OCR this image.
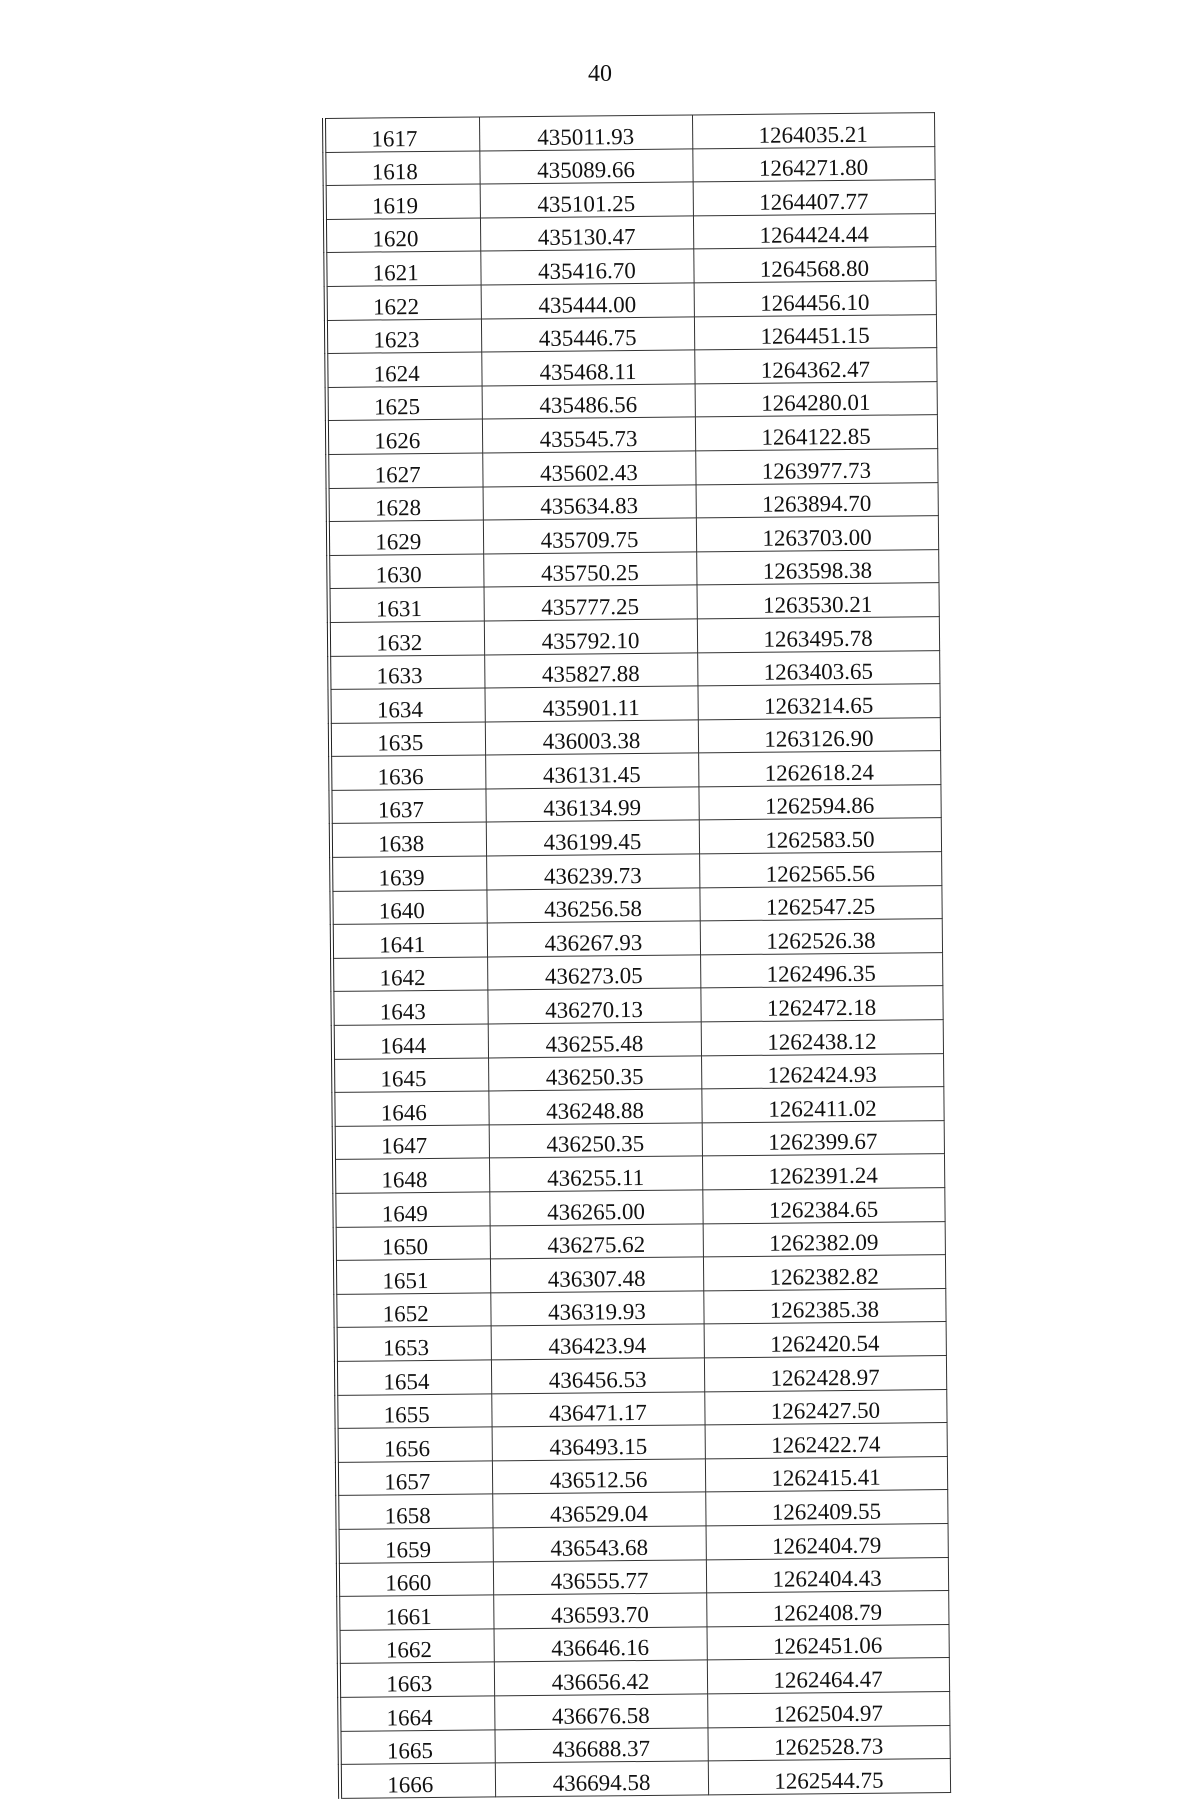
40
1617	435011.93	1264035.21
1618	435089.66	1264271.80
1619	435101.25	1264407.77
1620	435130.47	1264424.44
1621	435416.70	1264568.80
1622	435444.00	1264456.10
1623	435446.75	1264451.15
1624	435468.11	1264362.47
1625	435486.56	1264280.01
1626	435545.73	1264122.85
1627	435602.43	1263977.73
1628	435634.83	1263894.70
1629	435709.75	1263703.00
1630	435750.25	1263598.38
1631	435777.25	1263530.21
1632	435792.10	1263495.78
1633	435827.88	1263403.65
1634	435901.11	1263214.65
1635	436003.38	1263126.90
1636	436131.45	1262618.24
1637	436134.99	1262594.86
1638	436199.45	1262583.50
1639	436239.73	1262565.56
1640	436256.58	1262547.25
1641	436267.93	1262526.38
1642	436273.05	1262496.35
1643	436270.13	1262472.18
1644	436255.48	1262438.12
1645	436250.35	1262424.93
1646	436248.88	1262411.02
1647	436250.35	1262399.67
1648	436255.11	1262391.24
1649	436265.00	1262384.65
1650	436275.62	1262382.09
1651	436307.48	1262382.82
1652	436319.93	1262385.38
1653	436423.94	1262420.54
1654	436456.53	1262428.97
1655	436471.17	1262427.50
1656	436493.15	1262422.74
1657	436512.56	1262415.41
1658	436529.04	1262409.55
1659	436543.68	1262404.79
1660	436555.77	1262404.43
1661	436593.70	1262408.79
1662	436646.16	1262451.06
1663	436656.42	1262464.47
1664	436676.58	1262504.97
1665	436688.37	1262528.73
1666	436694.58	1262544.75
